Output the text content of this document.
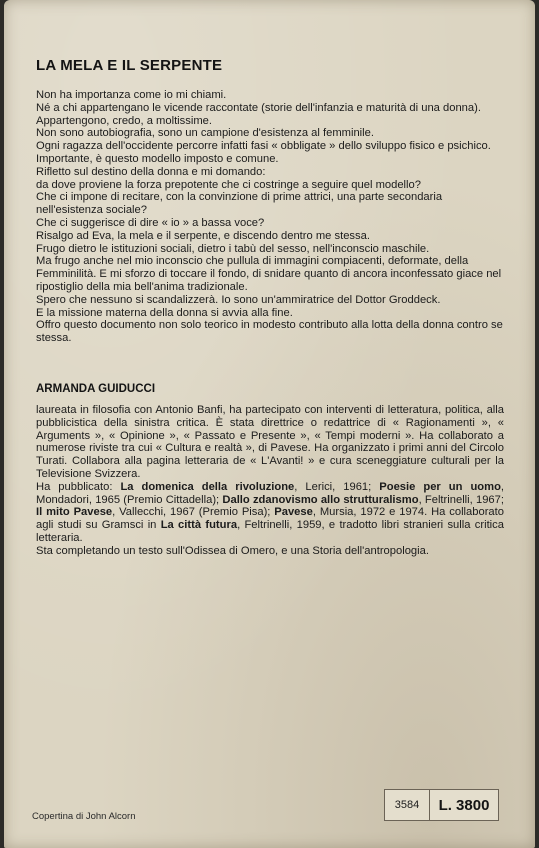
LA MELA E IL SERPENTE
Non ha importanza come io mi chiami.
Né a chi appartengano le vicende raccontate (storie dell'infanzia e maturità di una donna).
Appartengono, credo, a moltissime.
Non sono autobiografia, sono un campione d'esistenza al femminile.
Ogni ragazza dell'occidente percorre infatti fasi « obbligate » dello sviluppo fisico e psichico.
Importante, è questo modello imposto e comune.
Rifletto sul destino della donna e mi domando:
da dove proviene la forza prepotente che ci costringe a seguire quel modello?
Che ci impone di recitare, con la convinzione di prime attrici, una parte secondaria nell'esistenza sociale?
Che ci suggerisce di dire « io » a bassa voce?
Risalgo ad Eva, la mela e il serpente, e discendo dentro me stessa.
Frugo dietro le istituzioni sociali, dietro i tabù del sesso, nell'inconscio maschile.
Ma frugo anche nel mio inconscio che pullula di immagini compiacenti, deformate, della Femminilità. E mi sforzo di toccare il fondo, di snidare quanto di ancora inconfessato giace nel ripostiglio della mia bell'anima tradizionale.
Spero che nessuno si scandalizzerà. Io sono un'ammiratrice del Dottor Groddeck.
E la missione materna della donna si avvia alla fine.
Offro questo documento non solo teorico in modesto contributo alla lotta della donna contro se stessa.
ARMANDA GUIDUCCI

laureata in filosofia con Antonio Banfi, ha partecipato con interventi di letteratura, politica, alla pubblicistica della sinistra critica. È stata direttrice o redattrice di « Ragionamenti », « Arguments », « Opinione », « Passato e Presente », « Tempi moderni ». Ha collaborato a numerose riviste tra cui « Cultura e realtà », di Pavese. Ha organizzato i primi anni del Circolo Turati. Collabora alla pagina letteraria de « L'Avanti! » e cura sceneggiature culturali per la Televisione Svizzera.

Ha pubblicato: La domenica della rivoluzione, Lerici, 1961; Poesie per un uomo, Mondadori, 1965 (Premio Cittadella); Dallo zdanovismo allo strutturalismo, Feltrinelli, 1967; Il mito Pavese, Vallecchi, 1967 (Premio Pisa); Pavese, Mursia, 1972 e 1974. Ha collaborato agli studi su Gramsci in La città futura, Feltrinelli, 1959, e tradotto libri stranieri sulla critica letteraria.

Sta completando un testo sull'Odissea di Omero, e una Storia dell'antropologia.

3584	L. 3800
Copertina di John Alcorn
